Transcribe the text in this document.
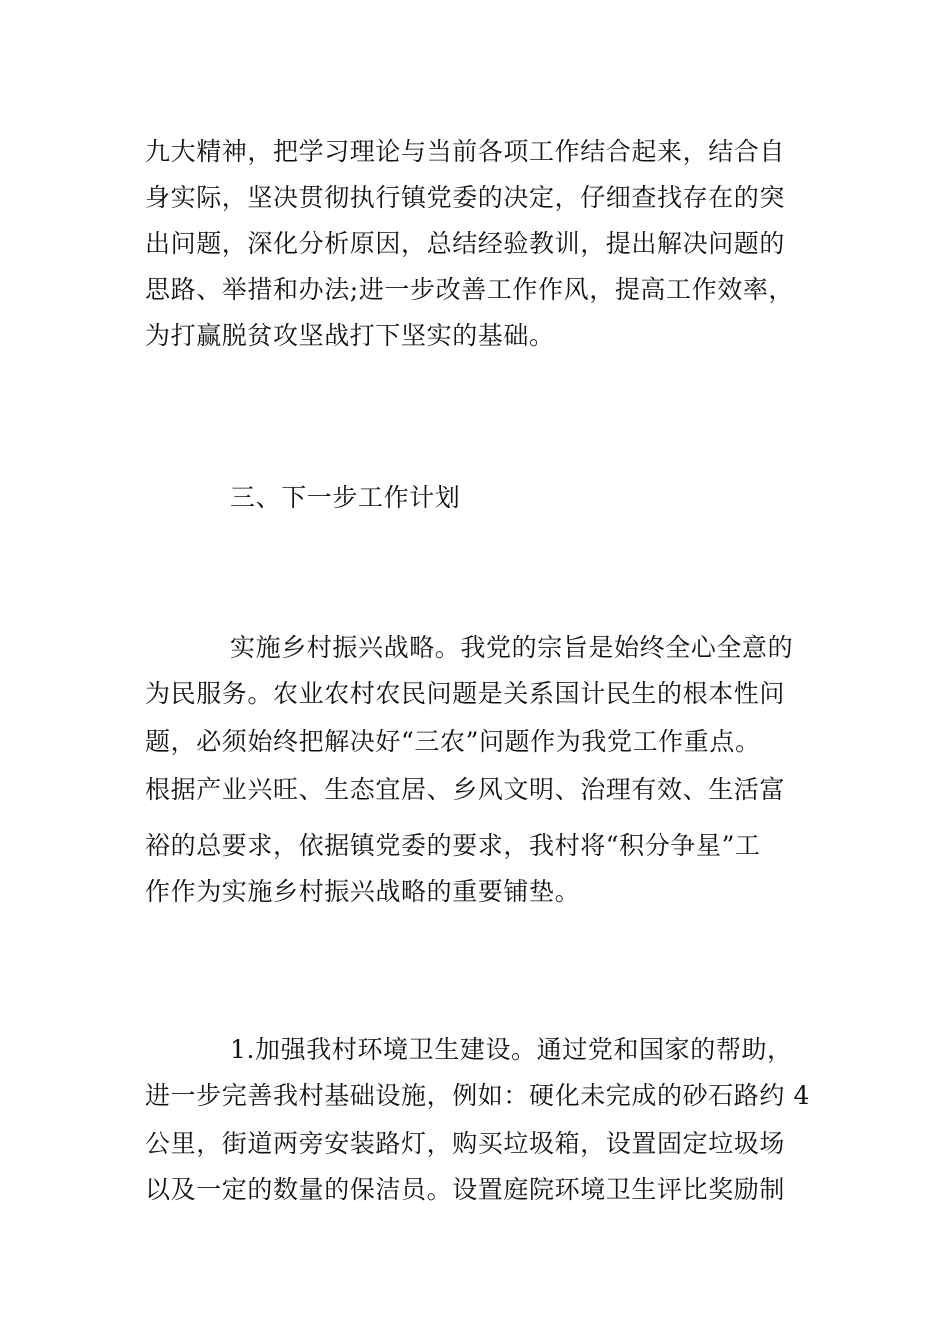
九大精神，把学习理论与当前各项工作结合起来，结合自
身实际，坚决贯彻执行镇党委的决定，仔细查找存在的突
出问题，深化分析原因，总结经验教训，提出解决问题的
思路、举措和办法;进一步改善工作作风，提高工作效率，
为打赢脱贫攻坚战打下坚实的基础。
三、下一步工作计划
实施乡村振兴战略。我党的宗旨是始终全心全意的
为民服务。农业农村农民问题是关系国计民生的根本性问
题，必须始终把解决好“三农”问题作为我党工作重点。
根据产业兴旺、生态宜居、乡风文明、治理有效、生活富
裕的总要求，依据镇党委的要求，我村将“积分争星”工
作作为实施乡村振兴战略的重要铺垫。
1.加强我村环境卫生建设。通过党和国家的帮助，
进一步完善我村基础设施，例如：硬化未完成的砂石路约 4
公里，街道两旁安装路灯，购买垃圾箱，设置固定垃圾场
以及一定的数量的保洁员。设置庭院环境卫生评比奖励制
